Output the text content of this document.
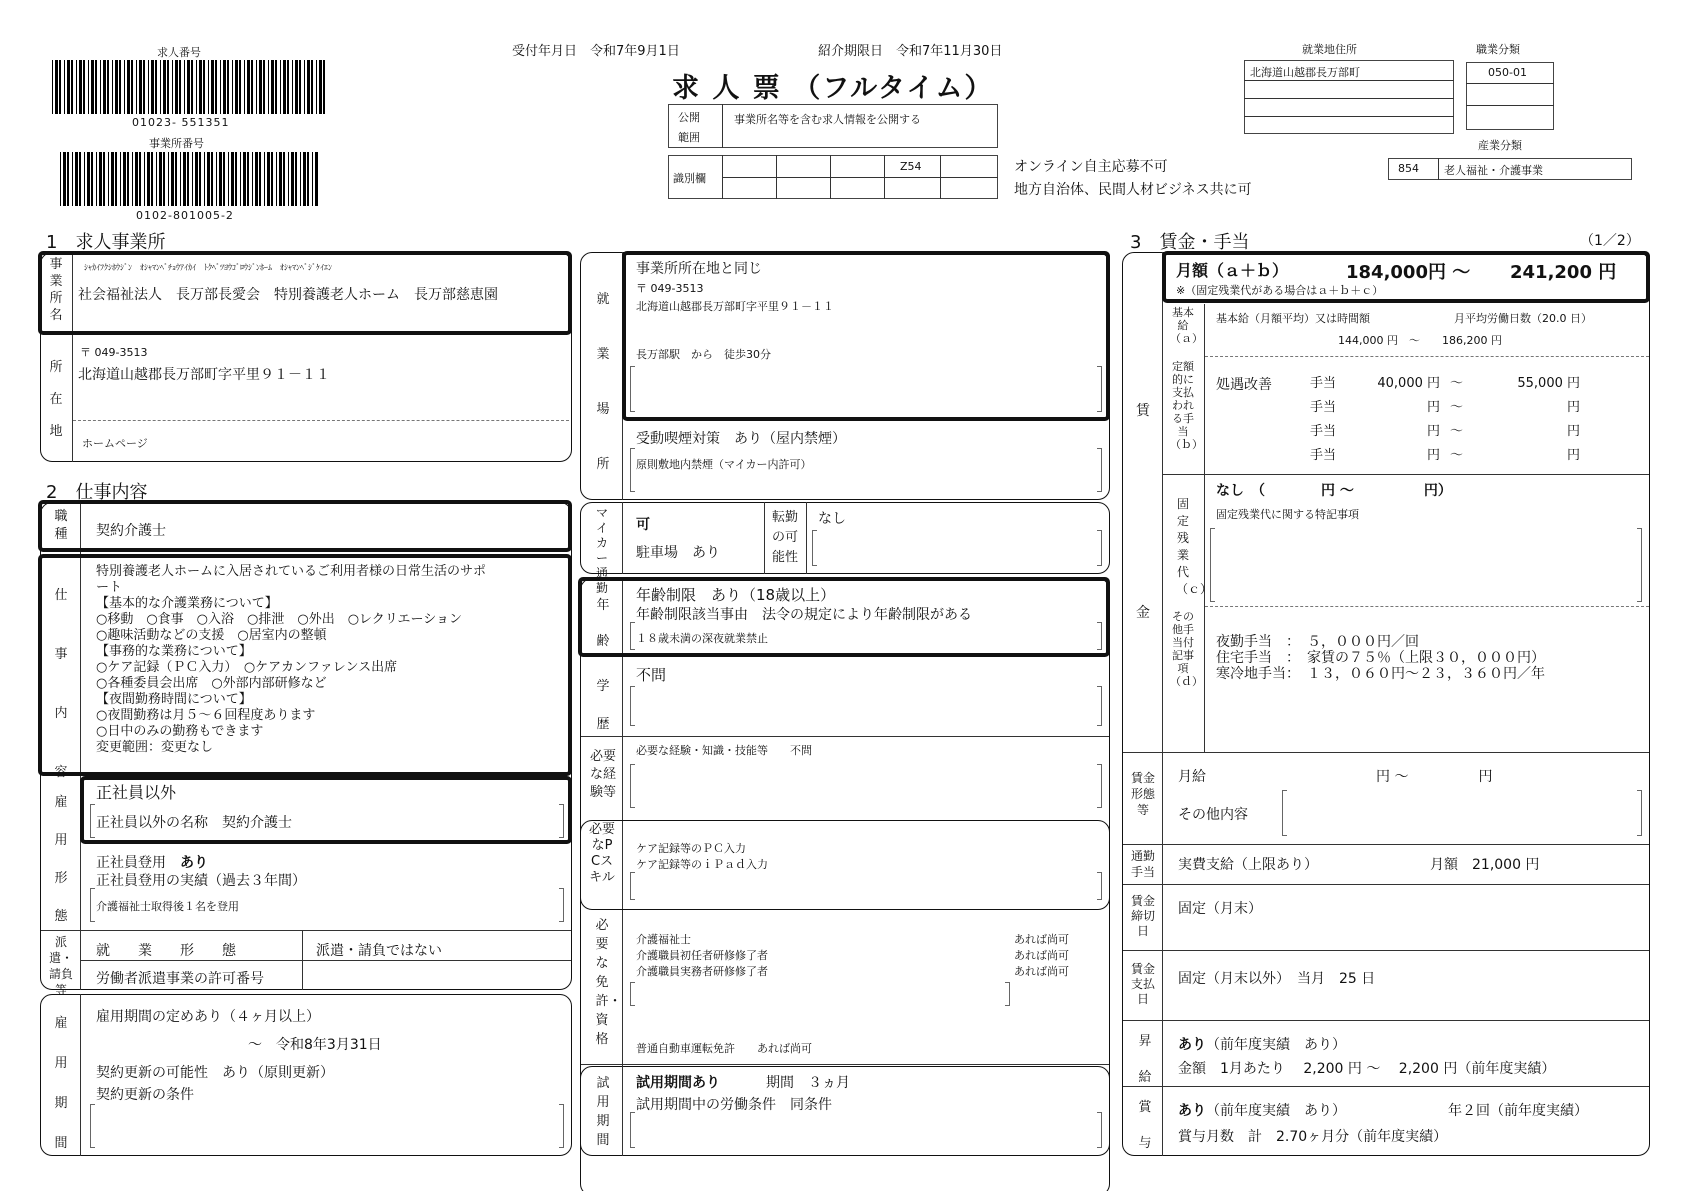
求人番号
01023- 551351
事業所番号
0102-801005-2
受付年月日　令和7年9月1日	紹介期限日　令和7年11月30日
求 人 票 （フルタイム）
公開
範囲
事業所名等を含む求人情報を公開する
識別欄
Z54	オンライン自主応募不可
地方自治体、民間人材ビジネス共に可
就業地住所
北海道山越郡長万部町
職業分類
050-01
産業分類
854 老人福祉・介護事業
1　求人事業所	3　賃金・手当	（1／2）
事業所名
ｼｬｶｲﾌｸｼﾎｳｼﾞﾝ　ｵｼｬﾏﾝﾍﾞﾁｮｳｱｲｶｲ　ﾄｸﾍﾞﾂﾖｳｺﾞﾛｳｼﾞﾝﾎｰﾑ　ｵｼｬﾏﾝﾍﾞｼﾞｹｲｴﾝ
社会福祉法人　長万部長愛会　特別養護老人ホーム　長万部慈恵園
所在地
〒 049-3513
北海道山越郡長万部町字平里９１－１１
ホームページ
2　仕事内容
職種	契約介護士
仕事内容
特別養護老人ホームに入居されているご利用者様の日常生活のサポ
ート
【基本的な介護業務について】
○移動　○食事　○入浴　○排泄　○外出　○レクリエーション
○趣味活動などの支援　○居室内の整頓
【事務的な業務について】
○ケア記録（ＰＣ入力）　○ケアカンファレンス出席
○各種委員会出席　○外部内部研修など
【夜間勤務時間について】
○夜間勤務は月５～６回程度あります
○日中のみの勤務もできます
変更範囲：変更なし
雇用形態
正社員以外
正社員以外の名称　契約介護士
正社員登用　あり
正社員登用の実績（過去３年間）
介護福祉士取得後１名を登用
派遣・請負等
就　　業　　形　　態	派遣・請負ではない
労働者派遣事業の許可番号
雇用期間
雇用期間の定めあり（４ヶ月以上）
～　令和8年3月31日
契約更新の可能性　あり（原則更新）
契約更新の条件
就業場所
事業所所在地と同じ
〒 049-3513
北海道山越郡長万部町字平里９１－１１
長万部駅　から　徒歩30分
受動喫煙対策　あり（屋内禁煙）
原則敷地内禁煙（マイカー内許可）
マイカー通勤
可
駐車場　あり
転勤の可能性
なし
年齢
年齢制限　あり（18歳以上）
年齢制限該当事由　法令の規定により年齢制限がある
１８歳未満の深夜就業禁止
学歴
不問
必要な経験等
必要な経験・知識・技能等　　不問
必要なPCスキル
ケア記録等のＰＣ入力
ケア記録等のｉＰａｄ入力
必要な免許・資格
介護福祉士	あれば尚可
介護職員初任者研修修了者	あれば尚可
介護職員実務者研修修了者	あれば尚可
普通自動車運転免許　　あれば尚可
試用期間
試用期間あり	期間　３ヵ月
試用期間中の労働条件　同条件
月額（ａ＋ｂ）	184,000円 ～ 241,200 円
※（固定残業代がある場合はａ＋ｂ＋ｃ）
賃
金
基本給（ａ）
基本給（月額平均）又は時間額	月平均労働日数（20.0 日）
144,000 円　～　　186,200 円
定額的に支払われる手当（ｂ）
処遇改善	手当	40,000 円 ～	55,000 円
手当	円 ～	円
手当	円 ～	円
手当	円 ～	円
固定残業代（ｃ）
なし　（　　　　円 ～　　　　　円）
固定残業代に関する特記事項
その他手当付記事項（ｄ）
夜勤手当　：　５，０００円／回
住宅手当　：　家賃の７５％（上限３０，０００円）
寒冷地手当：　１３，０６０円～２３，３６０円／年
賃金形態等
月給	円 ～　　　　　円
その他内容
通勤手当	実費支給（上限あり）	月額　21,000 円
賃金締切日
固定（月末）
賃金支払日
固定（月末以外）　当月　25 日
昇給
あり（前年度実績　あり）
金額　1月あたり　 2,200 円 ～　 2,200 円（前年度実績）
賞与
あり（前年度実績　あり）	年２回（前年度実績）
賞与月数　計　2.70ヶ月分（前年度実績）
